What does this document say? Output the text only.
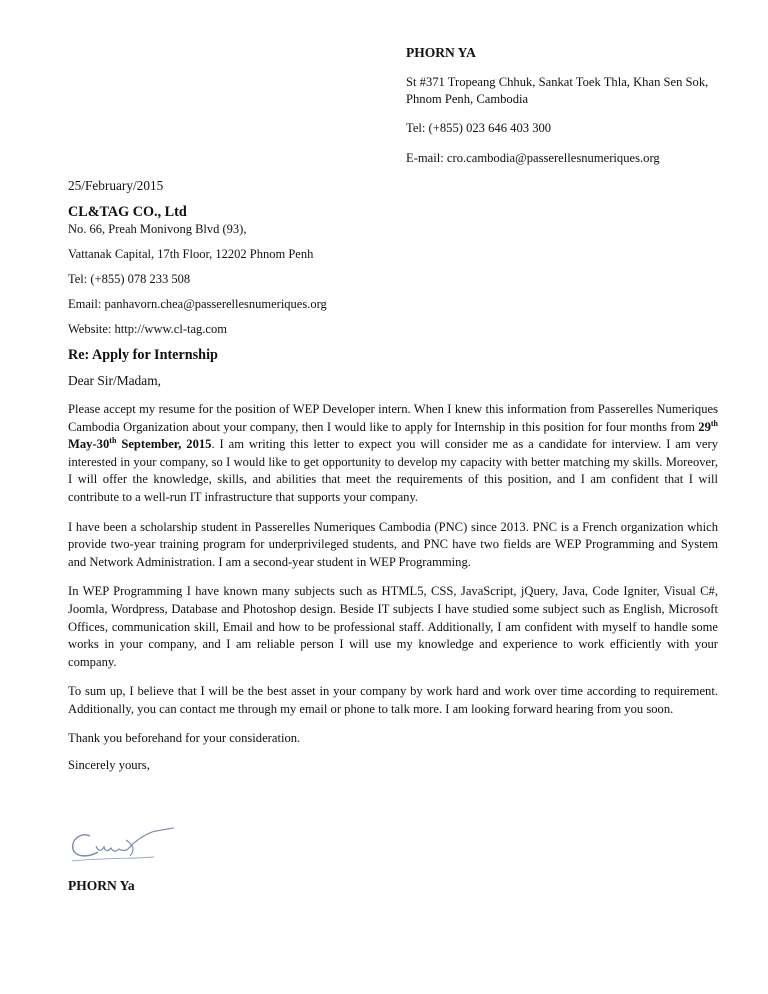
PHORN YA
St #371 Tropeang Chhuk, Sankat Toek Thla, Khan Sen Sok, Phnom Penh, Cambodia
Tel: (+855) 023 646 403 300
E-mail: cro.cambodia@passerellesnumeriques.org
25/February/2015
CL&TAG CO., Ltd
No. 66, Preah Monivong Blvd (93),
Vattanak Capital, 17th Floor, 12202 Phnom Penh
Tel: (+855) 078 233 508
Email: panhavorn.chea@passerellesnumeriques.org
Website: http://www.cl-tag.com
Re: Apply for Internship
Dear Sir/Madam,

Please accept my resume for the position of WEP Developer intern. When I knew this information from Passerelles Numeriques Cambodia Organization about your company, then I would like to apply for Internship in this position for four months from 29th May-30th September, 2015. I am writing this letter to expect you will consider me as a candidate for interview. I am very interested in your company, so I would like to get opportunity to develop my capacity with better matching my skills. Moreover, I will offer the knowledge, skills, and abilities that meet the requirements of this position, and I am confident that I will contribute to a well-run IT infrastructure that supports your company.

I have been a scholarship student in Passerelles Numeriques Cambodia (PNC) since 2013. PNC is a French organization which provide two-year training program for underprivileged students, and PNC have two fields are WEP Programming and System and Network Administration. I am a second-year student in WEP Programming.

In WEP Programming I have known many subjects such as HTML5, CSS, JavaScript, jQuery, Java, Code Igniter, Visual C#, Joomla, Wordpress, Database and Photoshop design. Beside IT subjects I have studied some subject such as English, Microsoft Offices, communication skill, Email and how to be professional staff. Additionally, I am confident with myself to handle some works in your company, and I am reliable person I will use my knowledge and experience to work efficiently with your company.

To sum up, I believe that I will be the best asset in your company by work hard and work over time according to requirement. Additionally, you can contact me through my email or phone to talk more. I am looking forward hearing from you soon.

Thank you beforehand for your consideration.
Sincerely yours,
PHORN Ya
